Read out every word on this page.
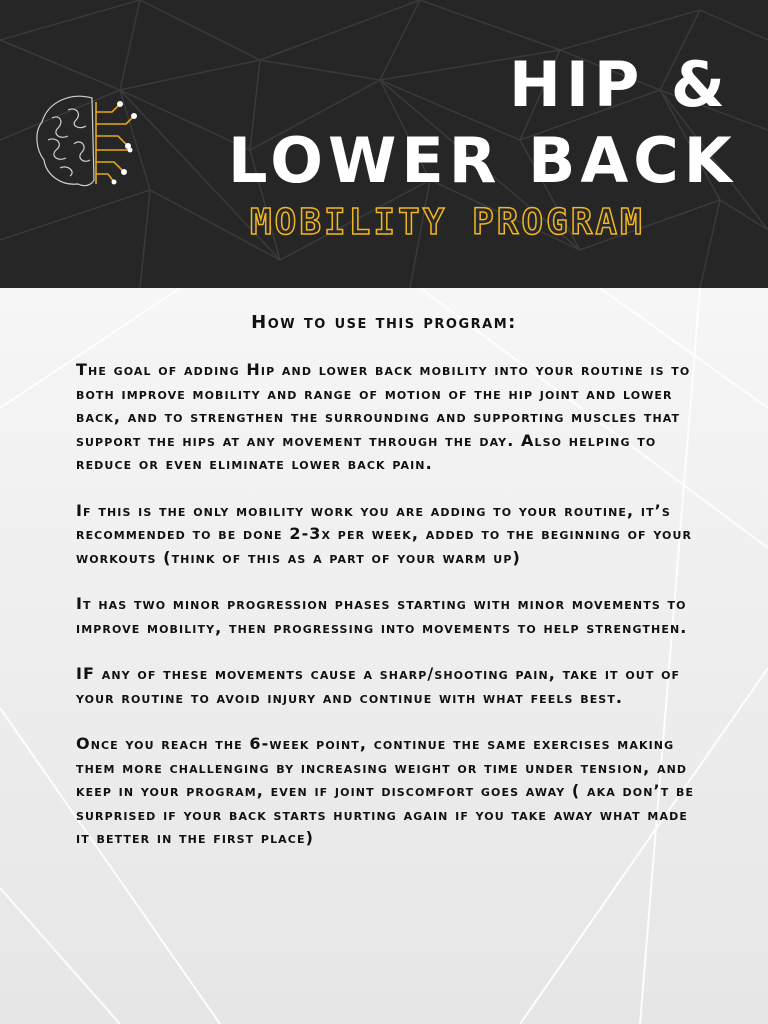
HIP &
LOWER BACK
MOBILITY PROGRAM
How to use this program:

The goal of adding Hip and lower back mobility into your routine is to both improve mobility and range of motion of the hip joint and lower back, and to strengthen the surrounding and supporting muscles that support the hips at any movement through the day. Also helping to reduce or even eliminate lower back pain.

If this is the only mobility work you are adding to your routine, it’s recommended to be done 2-3x per week, added to the beginning of your workouts (think of this as a part of your warm up)

It has two minor progression phases starting with minor movements to improve mobility, then progressing into movements to help strengthen.

IF any of these movements cause a sharp/shooting pain, take it out of your routine to avoid injury and continue with what feels best.

Once you reach the 6-week point, continue the same exercises making them more challenging by increasing weight or time under tension, and keep in your program, even if joint discomfort goes away ( aka don’t be surprised if your back starts hurting again if you take away what made it better in the first place)
